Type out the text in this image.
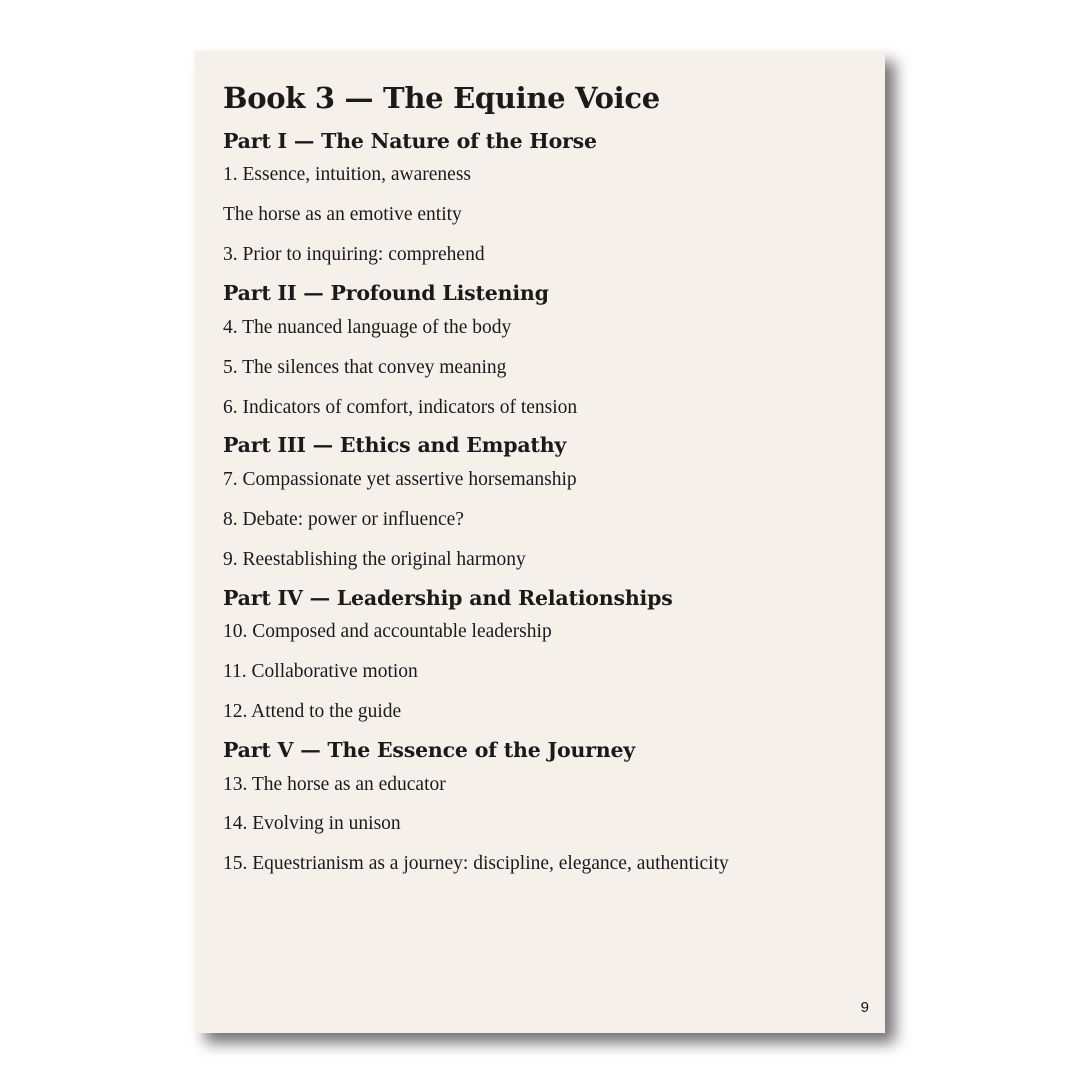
Book 3 — The Equine Voice
Part I — The Nature of the Horse
1. Essence, intuition, awareness
The horse as an emotive entity
3. Prior to inquiring: comprehend
Part II — Profound Listening
4. The nuanced language of the body
5. The silences that convey meaning
6. Indicators of comfort, indicators of tension
Part III — Ethics and Empathy
7. Compassionate yet assertive horsemanship
8. Debate: power or influence?
9. Reestablishing the original harmony
Part IV — Leadership and Relationships
10. Composed and accountable leadership
11. Collaborative motion
12. Attend to the guide
Part V — The Essence of the Journey
13. The horse as an educator
14. Evolving in unison
15. Equestrianism as a journey: discipline, elegance, authenticity
9
